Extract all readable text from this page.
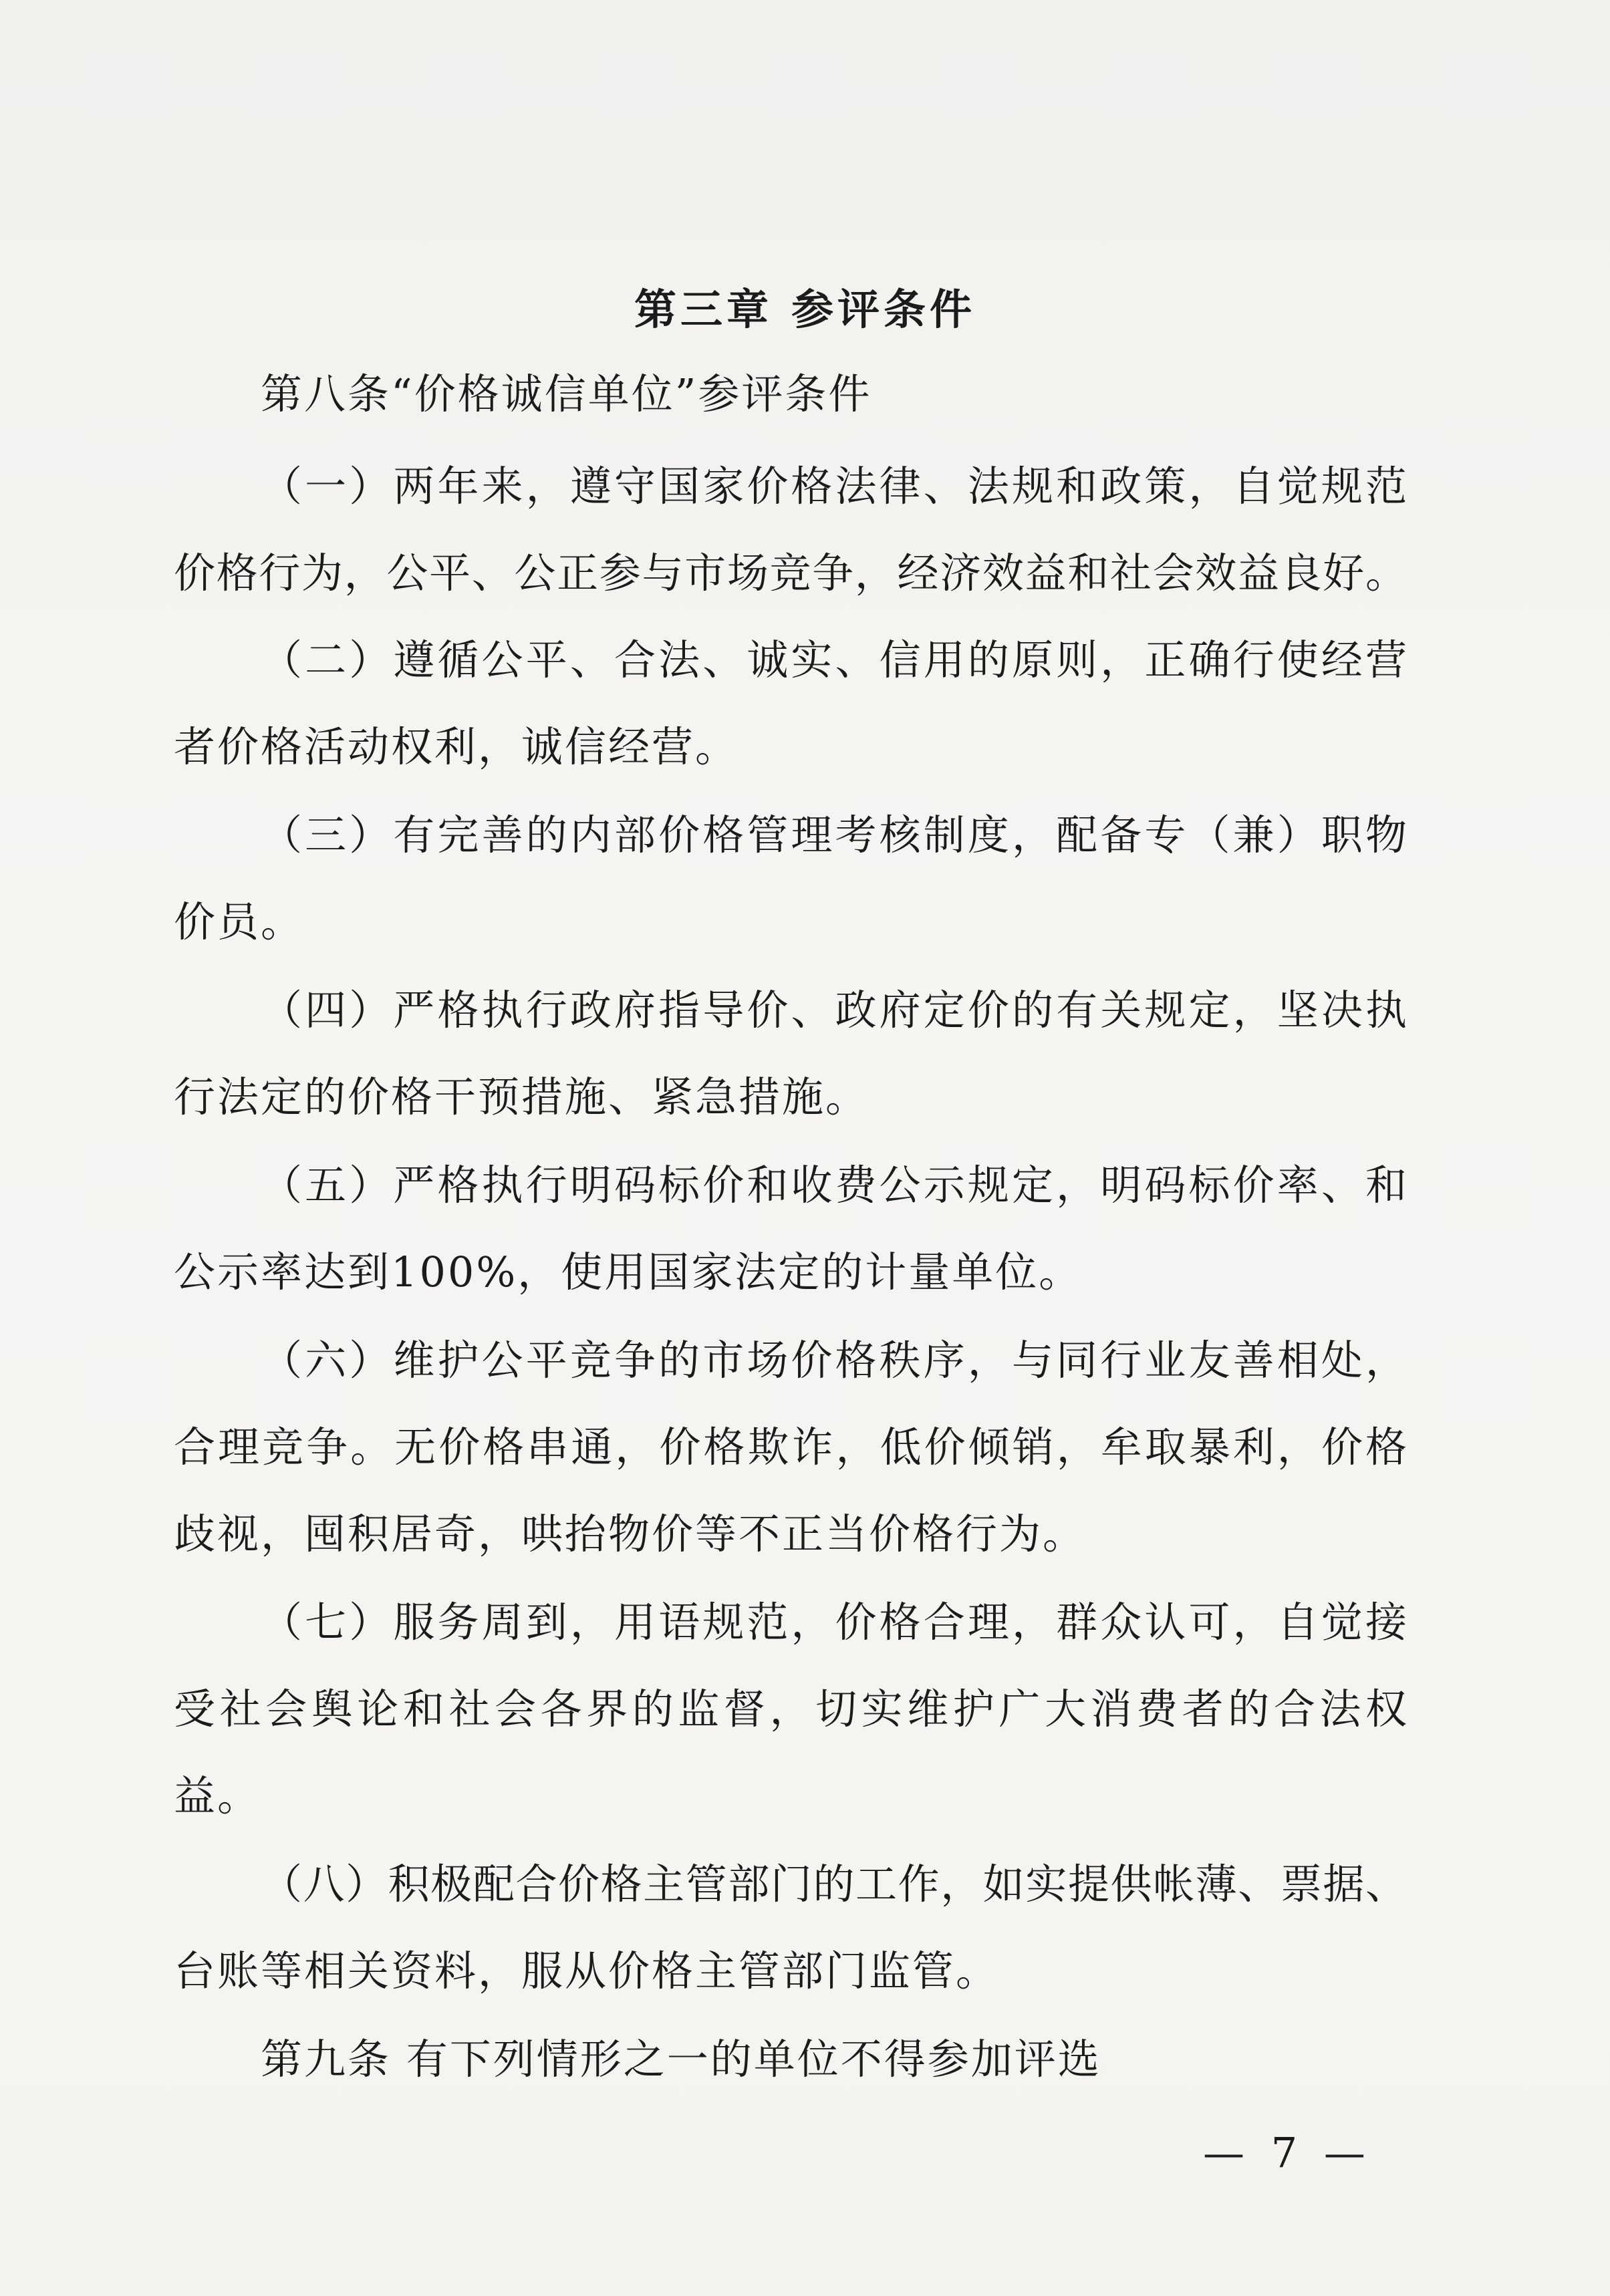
第三章 参评条件
第八条“价格诚信单位”参评条件
（一）两年来，遵守国家价格法律、法规和政策，自觉规范
价格行为，公平、公正参与市场竞争，经济效益和社会效益良好。
（二）遵循公平、合法、诚实、信用的原则，正确行使经营
者价格活动权利，诚信经营。
（三）有完善的内部价格管理考核制度，配备专（兼）职物
价员。
（四）严格执行政府指导价、政府定价的有关规定，坚决执
行法定的价格干预措施、紧急措施。
（五）严格执行明码标价和收费公示规定，明码标价率、和
公示率达到100%，使用国家法定的计量单位。
（六）维护公平竞争的市场价格秩序，与同行业友善相处，
合理竞争。无价格串通，价格欺诈，低价倾销，牟取暴利，价格
歧视，囤积居奇，哄抬物价等不正当价格行为。
（七）服务周到，用语规范，价格合理，群众认可，自觉接
受社会舆论和社会各界的监督，切实维护广大消费者的合法权
益。
（八）积极配合价格主管部门的工作，如实提供帐薄、票据、
台账等相关资料，服从价格主管部门监管。
第九条 有下列情形之一的单位不得参加评选
— 7 —
